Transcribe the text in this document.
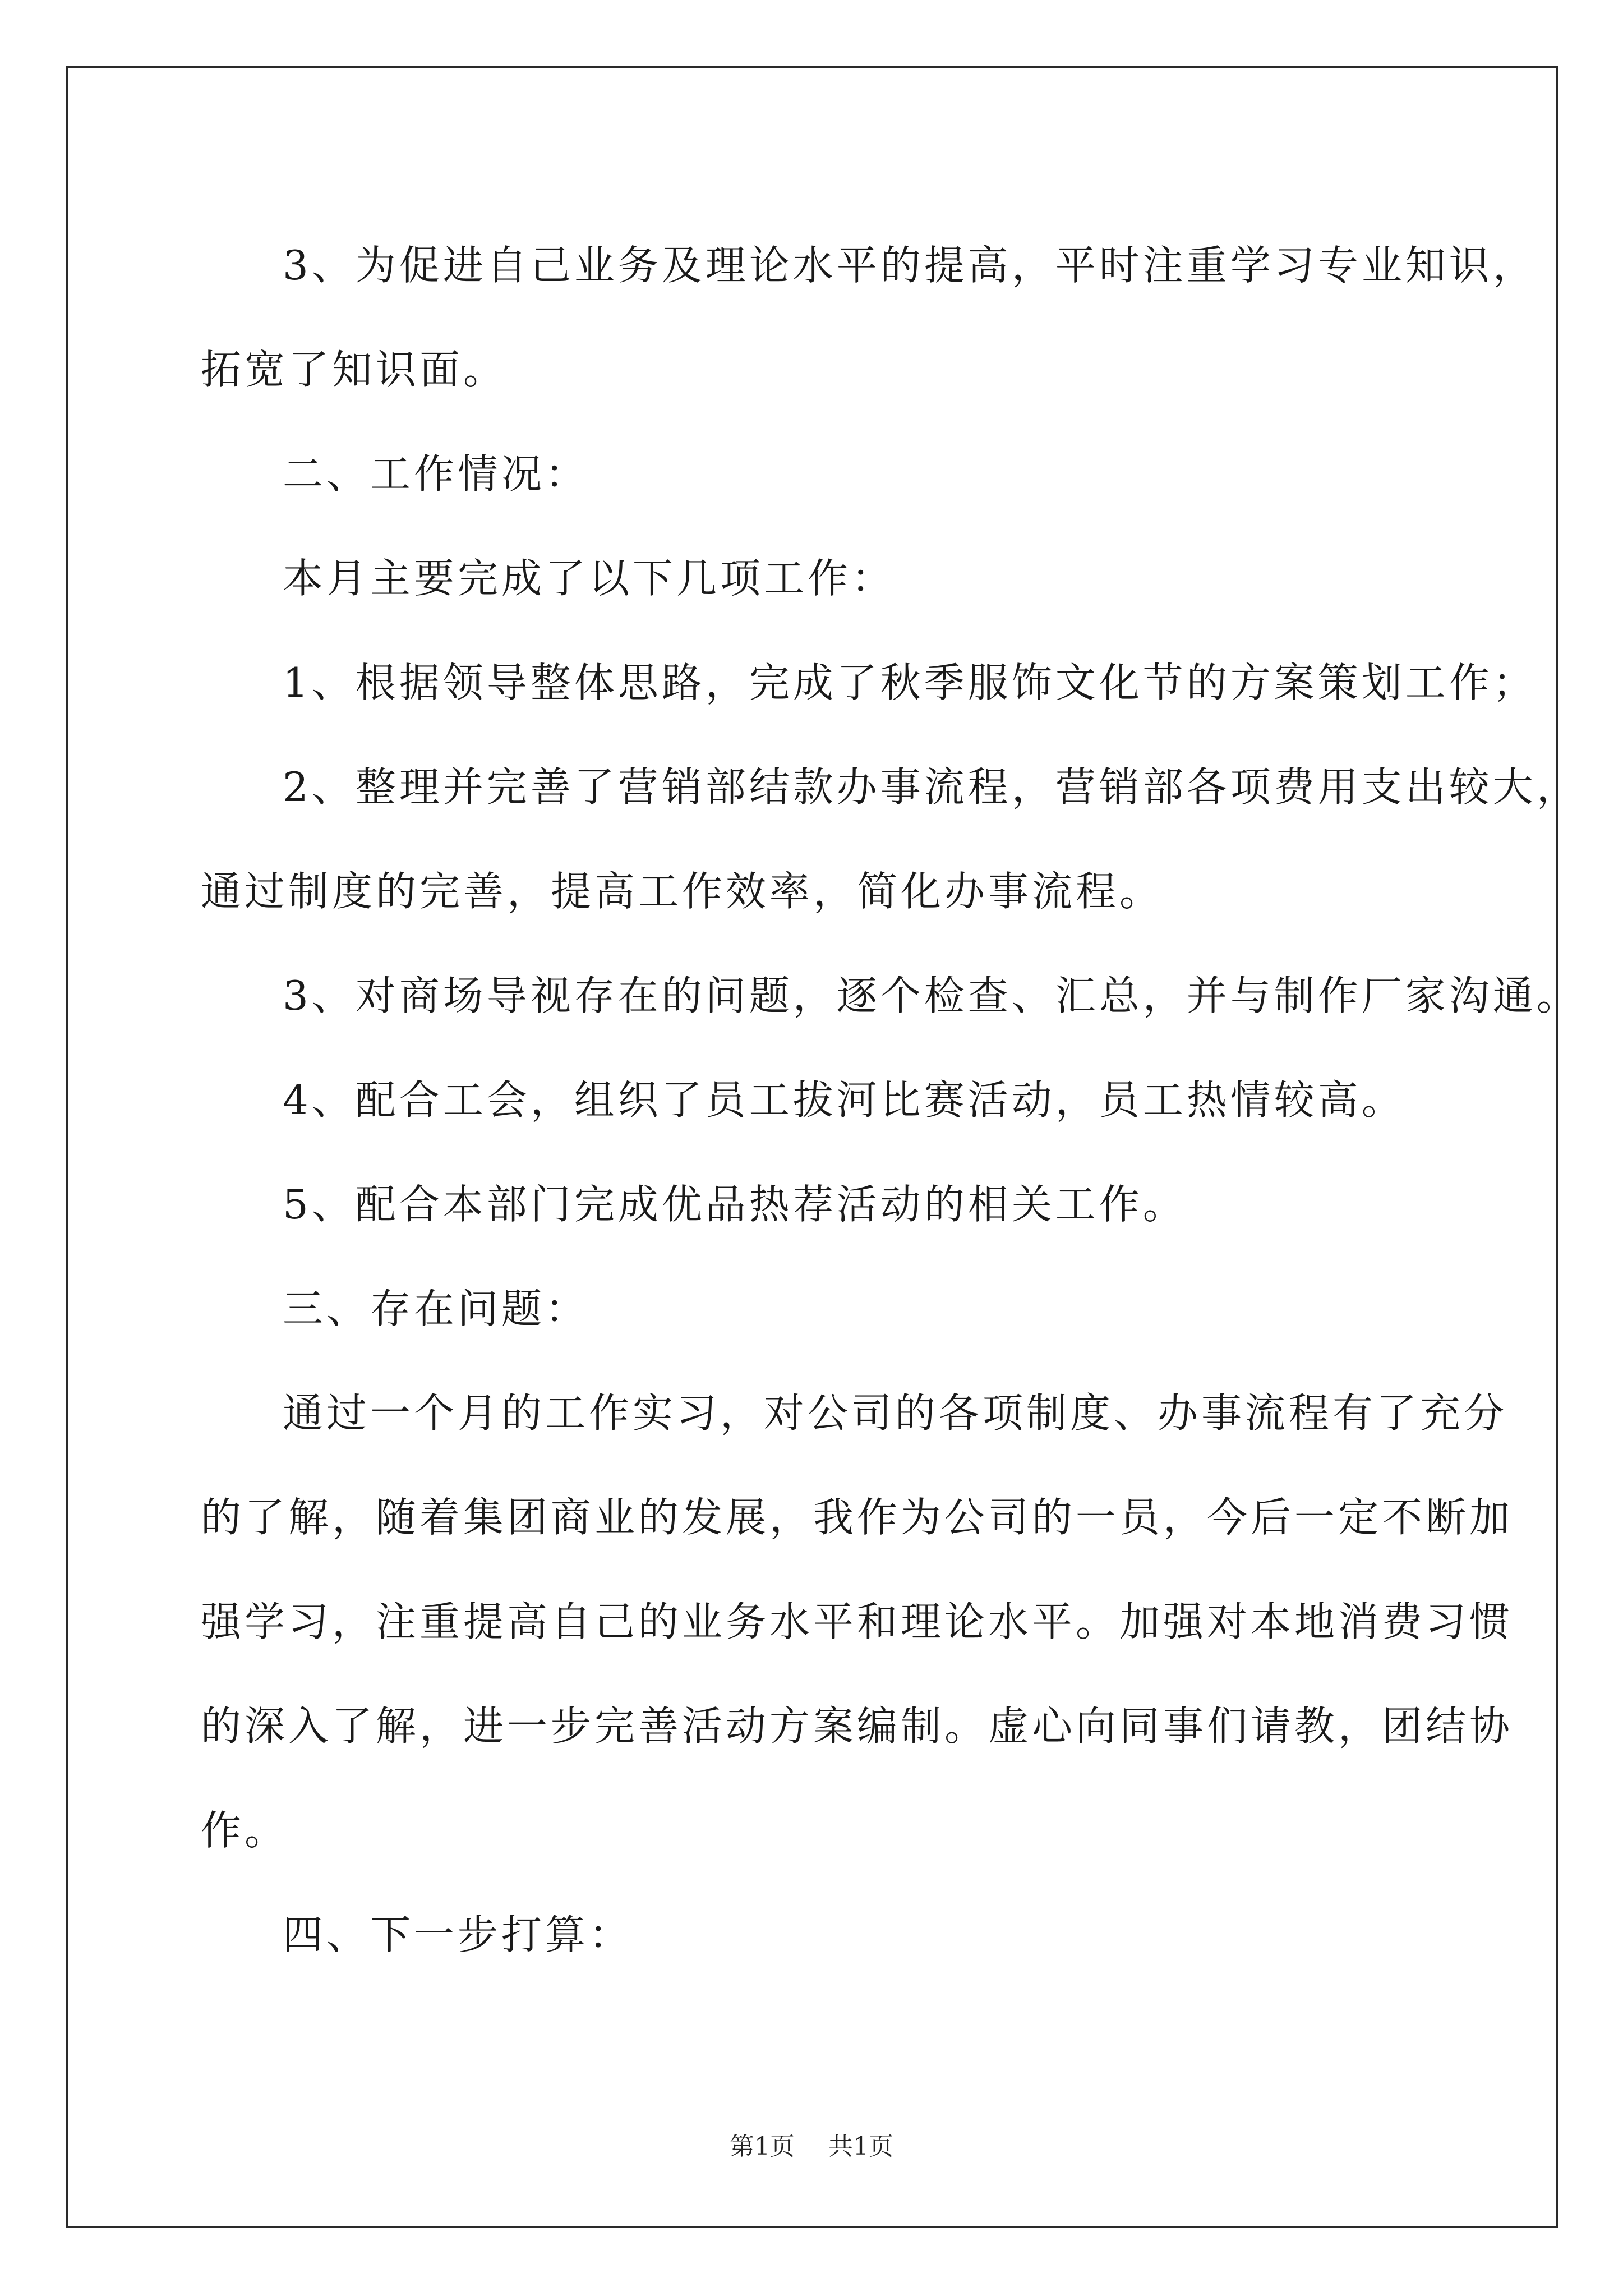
3、为促进自己业务及理论水平的提高，平时注重学习专业知识，
拓宽了知识面。
二、工作情况：
本月主要完成了以下几项工作：
1、根据领导整体思路，完成了秋季服饰文化节的方案策划工作；
2、整理并完善了营销部结款办事流程，营销部各项费用支出较大，
通过制度的完善，提高工作效率，简化办事流程。
3、对商场导视存在的问题，逐个检查、汇总，并与制作厂家沟通。
4、配合工会，组织了员工拔河比赛活动，员工热情较高。
5、配合本部门完成优品热荐活动的相关工作。
三、存在问题：
通过一个月的工作实习，对公司的各项制度、办事流程有了充分
的了解，随着集团商业的发展，我作为公司的一员，今后一定不断加
强学习，注重提高自己的业务水平和理论水平。加强对本地消费习惯
的深入了解，进一步完善活动方案编制。虚心向同事们请教，团结协
作。
四、下一步打算：
第1页 共1页
